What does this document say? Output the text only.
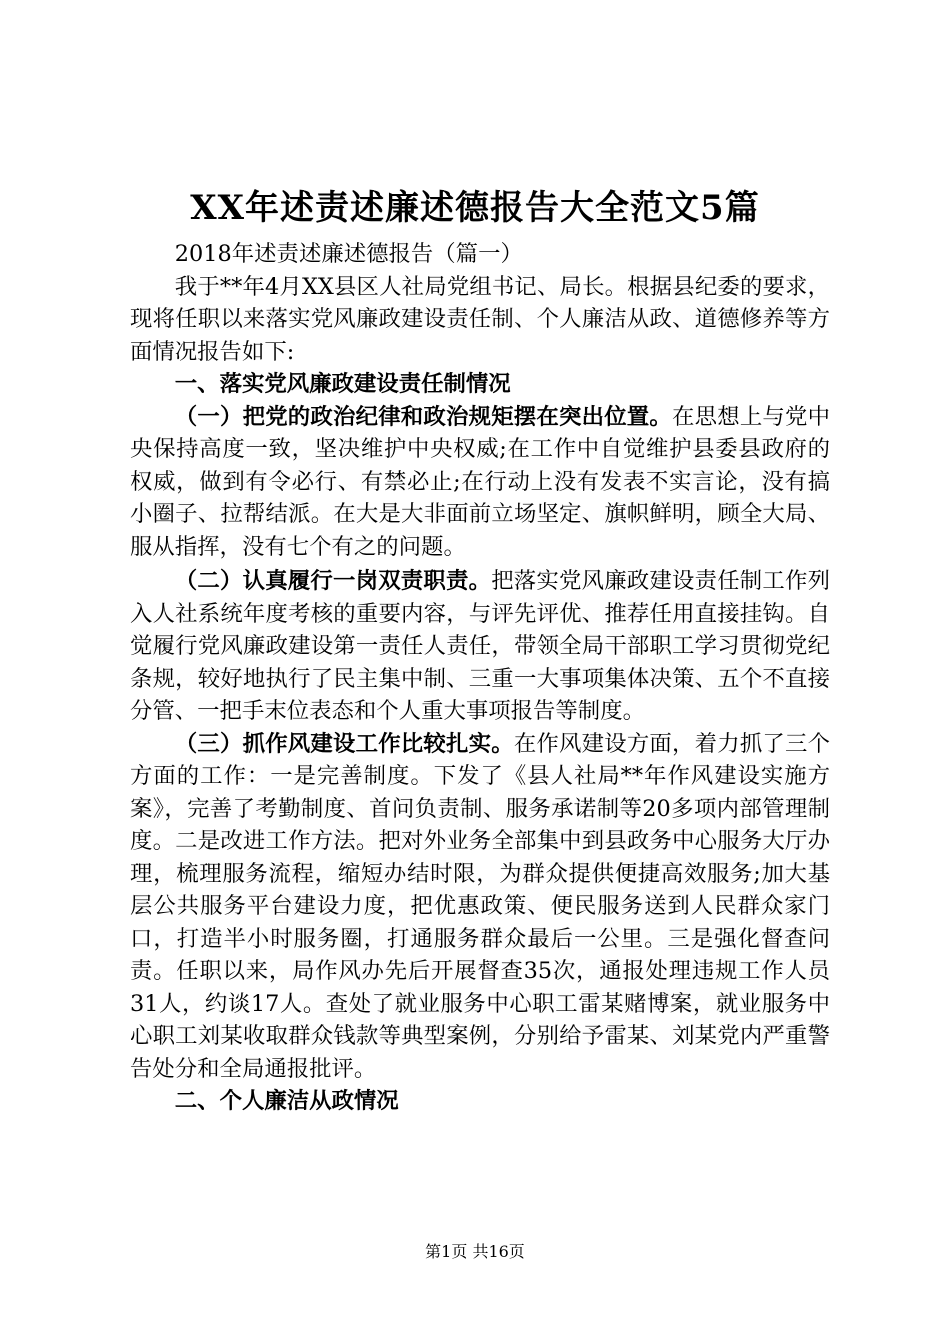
XX年述责述廉述德报告大全范文5篇

2018年述责述廉述德报告（篇一）

我于**年4月XX县区人社局党组书记、局长。根据县纪委的要求，现将任职以来落实党风廉政建设责任制、个人廉洁从政、道德修养等方面情况报告如下:

一、落实党风廉政建设责任制情况

（一）把党的政治纪律和政治规矩摆在突出位置。在思想上与党中央保持高度一致，坚决维护中央权威;在工作中自觉维护县委县政府的权威，做到有令必行、有禁必止;在行动上没有发表不实言论，没有搞小圈子、拉帮结派。在大是大非面前立场坚定、旗帜鲜明，顾全大局、服从指挥，没有七个有之的问题。

（二）认真履行一岗双责职责。把落实党风廉政建设责任制工作列入人社系统年度考核的重要内容，与评先评优、推荐任用直接挂钩。自觉履行党风廉政建设第一责任人责任，带领全局干部职工学习贯彻党纪条规，较好地执行了民主集中制、三重一大事项集体决策、五个不直接分管、一把手末位表态和个人重大事项报告等制度。

（三）抓作风建设工作比较扎实。在作风建设方面，着力抓了三个方面的工作：一是完善制度。下发了《县人社局**年作风建设实施方案》，完善了考勤制度、首问负责制、服务承诺制等20多项内部管理制度。二是改进工作方法。把对外业务全部集中到县政务中心服务大厅办理，梳理服务流程，缩短办结时限，为群众提供便捷高效服务;加大基层公共服务平台建设力度，把优惠政策、便民服务送到人民群众家门口，打造半小时服务圈，打通服务群众最后一公里。三是强化督查问责。任职以来，局作风办先后开展督查35次，通报处理违规工作人员31人，约谈17人。查处了就业服务中心职工雷某赌博案，就业服务中心职工刘某收取群众钱款等典型案例，分别给予雷某、刘某党内严重警告处分和全局通报批评。

二、个人廉洁从政情况

第1页 共16页
